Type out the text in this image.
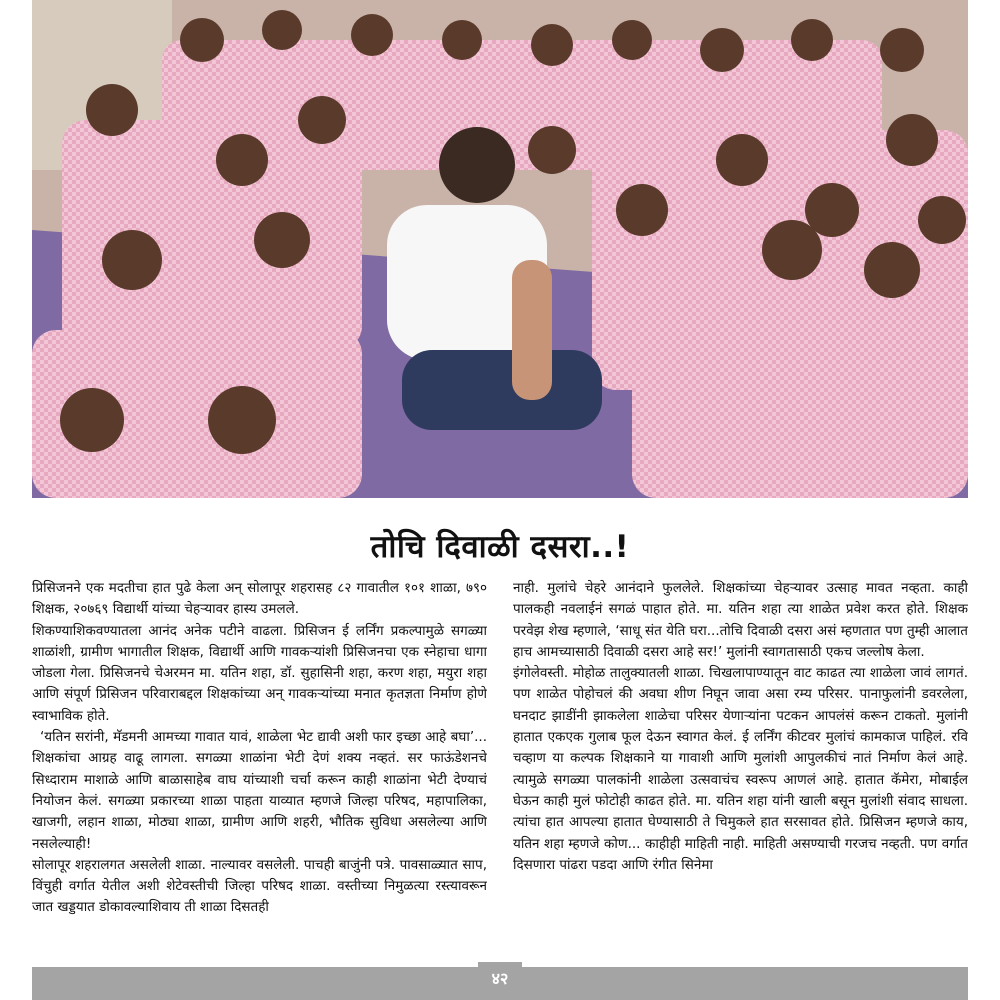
तोचि दिवाळी दसरा..!

प्रिसिजनने एक मदतीचा हात पुढे केला अन् सोलापूर शहरासह ८२ गावातील १०१ शाळा, ७९० शिक्षक, २०७६९ विद्यार्थी यांच्या चेहऱ्यावर हास्य उमलले.

शिकण्याशिकवण्यातला आनंद अनेक पटीने वाढला. प्रिसिजन ई लर्निंग प्रकल्पामुळे सगळ्या शाळांशी, ग्रामीण भागातील शिक्षक, विद्यार्थी आणि गावकऱ्यांशी प्रिसिजनचा एक स्नेहाचा धागा जोडला गेला. प्रिसिजनचे चेअरमन मा. यतिन शहा, डॉ. सुहासिनी शहा, करण शहा, मयुरा शहा आणि संपूर्ण प्रिसिजन परिवाराबद्दल शिक्षकांच्या अन् गावकऱ्यांच्या मनात कृतज्ञता निर्माण होणे स्वाभाविक होते.

‘यतिन सरांनी, मॅडमनी आमच्या गावात यावं, शाळेला भेट द्यावी अशी फार इच्छा आहे बघा’... शिक्षकांचा आग्रह वाढू लागला. सगळ्या शाळांना भेटी देणं शक्य नव्हतं. सर फाऊंडेशनचे सिध्दाराम माशाळे आणि बाळासाहेब वाघ यांच्याशी चर्चा करून काही शाळांना भेटी देण्याचं नियोजन केलं. सगळ्या प्रकारच्या शाळा पाहता याव्यात म्हणजे जिल्हा परिषद, महापालिका, खाजगी, लहान शाळा, मोठ्या शाळा, ग्रामीण आणि शहरी, भौतिक सुविधा असलेल्या आणि नसलेल्याही!

सोलापूर शहरालगत असलेली शाळा. नाल्यावर वसलेली. पाचही बाजुंनी पत्रे. पावसाळ्यात साप, विंचुही वर्गात येतील अशी शेटेवस्तीची जिल्हा परिषद शाळा. वस्तीच्या निमुळत्या रस्त्यावरून जात खड्डयात डोकावल्याशिवाय ती शाळा दिसतही

नाही. मुलांचे चेहरे आनंदाने फुललेले. शिक्षकांच्या चेहऱ्यावर उत्साह मावत नव्हता. काही पालकही नवलाईनं सगळं पाहात होते. मा. यतिन शहा त्या शाळेत प्रवेश करत होते. शिक्षक परवेझ शेख म्हणाले, ‘साधू संत येति घरा...तोचि दिवाळी दसरा असं म्हणतात पण तुम्ही आलात हाच आमच्यासाठी दिवाळी दसरा आहे सर!’ मुलांनी स्वागतासाठी एकच जल्लोष केला.

इंगोलेवस्ती. मोहोळ तालुक्यातली शाळा. चिखलापाण्यातून वाट काढत त्या शाळेला जावं लागतं. पण शाळेत पोहोचलं की अवघा शीण निघून जावा असा रम्य परिसर. पानाफुलांनी डवरलेला, घनदाट झाडींनी झाकलेला शाळेचा परिसर येणाऱ्यांना पटकन आपलंसं करून टाकतो. मुलांनी हातात एकएक गुलाब फूल देऊन स्वागत केलं. ई लर्निंग कीटवर मुलांचं कामकाज पाहिलं. रवि चव्हाण या कल्पक शिक्षकाने या गावाशी आणि मुलांशी आपुलकीचं नातं निर्माण केलं आहे. त्यामुळे सगळ्या पालकांनी शाळेला उत्सवाचंच स्वरूप आणलं आहे. हातात कॅमेरा, मोबाईल घेऊन काही मुलं फोटोही काढत होते. मा. यतिन शहा यांनी खाली बसून मुलांशी संवाद साधला. त्यांचा हात आपल्या हातात घेण्यासाठी ते चिमुकले हात सरसावत होते. प्रिसिजन म्हणजे काय, यतिन शहा म्हणजे कोण... काहीही माहिती नाही. माहिती असण्याची गरजच नव्हती. पण वर्गात दिसणारा पांढरा पडदा आणि रंगीत सिनेमा

४२
